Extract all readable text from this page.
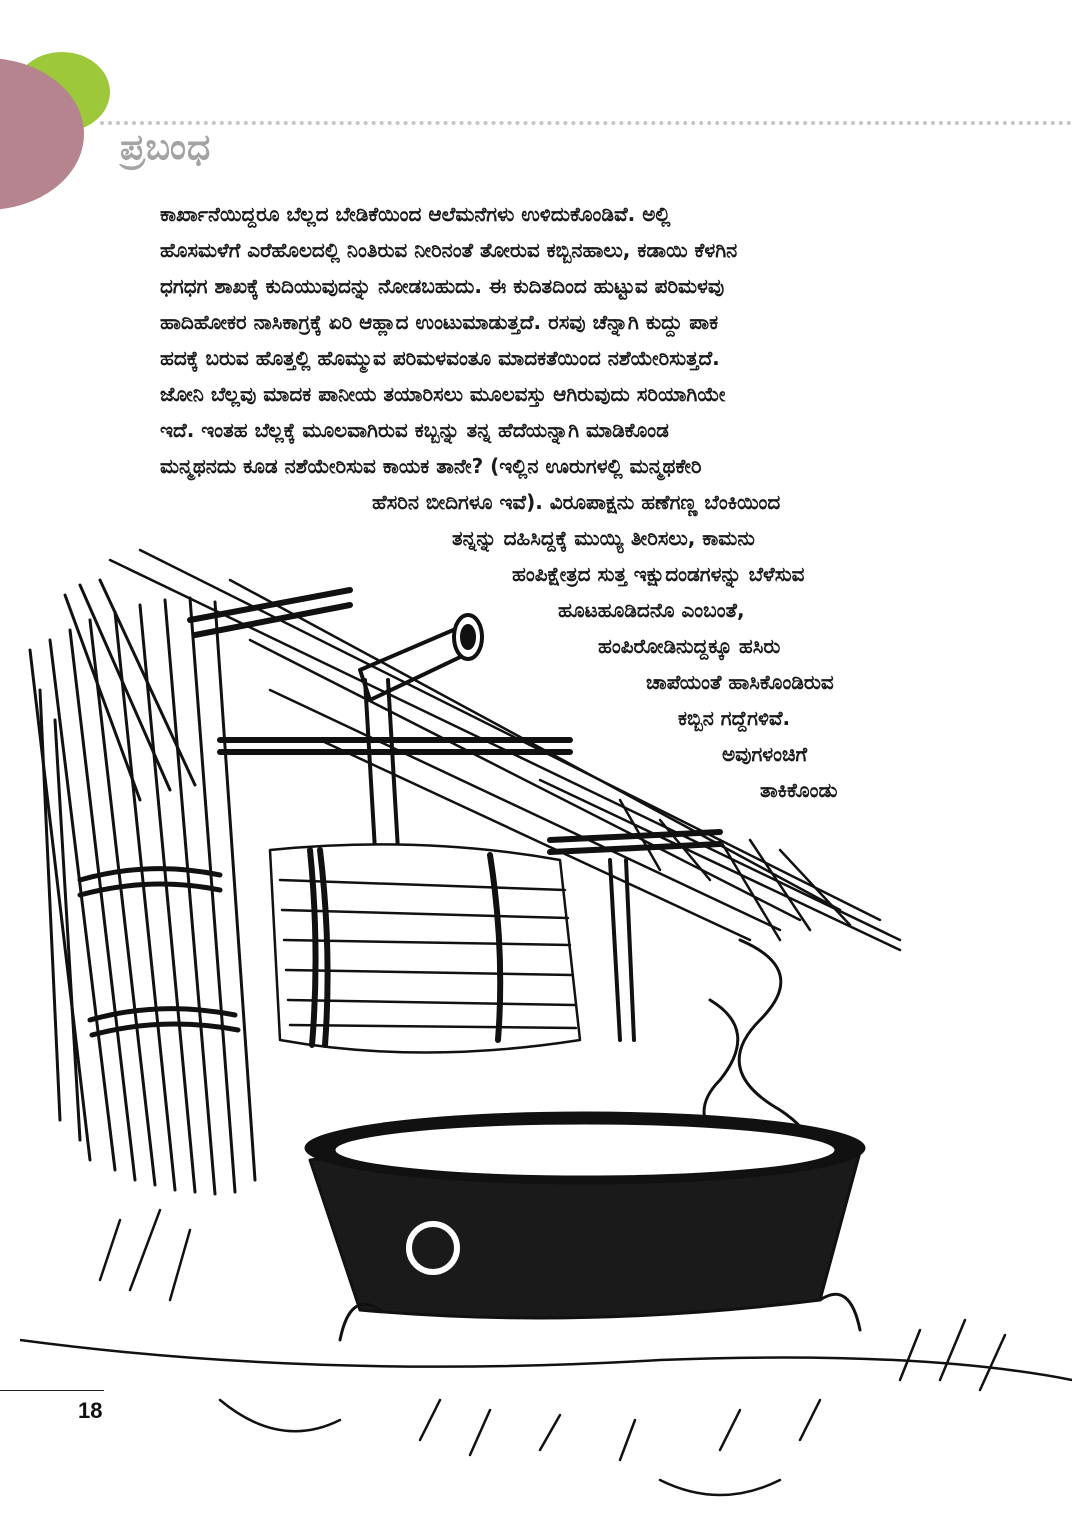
ಪ್ರಬಂಧ
ಕಾರ್ಖಾನೆಯಿದ್ದರೂ ಬೆಲ್ಲದ ಬೇಡಿಕೆಯಿಂದ ಆಲೆಮನೆಗಳು ಉಳಿದುಕೊಂಡಿವೆ. ಅಲ್ಲಿ
ಹೊಸಮಳೆಗೆ ಎರೆಹೊಲದಲ್ಲಿ ನಿಂತಿರುವ ನೀರಿನಂತೆ ತೋರುವ ಕಬ್ಬಿನಹಾಲು, ಕಡಾಯಿ ಕೆಳಗಿನ
ಧಗಧಗ ಶಾಖಕ್ಕೆ ಕುದಿಯುವುದನ್ನು ನೋಡಬಹುದು. ಈ ಕುದಿತದಿಂದ ಹುಟ್ಟುವ ಪರಿಮಳವು
ಹಾದಿಹೋಕರ ನಾಸಿಕಾಗ್ರಕ್ಕೆ ಏರಿ ಆಹ್ಲಾದ ಉಂಟುಮಾಡುತ್ತದೆ. ರಸವು ಚೆನ್ನಾಗಿ ಕುದ್ದು ಪಾಕ
ಹದಕ್ಕೆ ಬರುವ ಹೊತ್ತಲ್ಲಿ ಹೊಮ್ಮುವ ಪರಿಮಳವಂತೂ ಮಾದಕತೆಯಿಂದ ನಶೆಯೇರಿಸುತ್ತದೆ.
ಜೋನಿ ಬೆಲ್ಲವು ಮಾದಕ ಪಾನೀಯ ತಯಾರಿಸಲು ಮೂಲವಸ್ತು ಆಗಿರುವುದು ಸರಿಯಾಗಿಯೇ
ಇದೆ. ಇಂತಹ ಬೆಲ್ಲಕ್ಕೆ ಮೂಲವಾಗಿರುವ ಕಬ್ಬನ್ನು ತನ್ನ ಹೆದೆಯನ್ನಾಗಿ ಮಾಡಿಕೊಂಡ
ಮನ್ಮಥನದು ಕೂಡ ನಶೆಯೇರಿಸುವ ಕಾಯಕ ತಾನೇ? (ಇಲ್ಲಿನ ಊರುಗಳಲ್ಲಿ ಮನ್ಮಥಕೇರಿ
ಹೆಸರಿನ ಬೀದಿಗಳೂ ಇವೆ). ವಿರೂಪಾಕ್ಷನು ಹಣೆಗಣ್ಣ ಬೆಂಕಿಯಿಂದ
ತನ್ನನ್ನು ದಹಿಸಿದ್ದಕ್ಕೆ ಮುಯ್ಯಿ ತೀರಿಸಲು, ಕಾಮನು
ಹಂಪಿಕ್ಷೇತ್ರದ ಸುತ್ತ ಇಕ್ಷುದಂಡಗಳನ್ನು ಬೆಳೆಸುವ
ಹೂಟಹೂಡಿದನೊ ಎಂಬಂತೆ,
ಹಂಪಿರೋಡಿನುದ್ದಕ್ಕೂ ಹಸಿರು
ಚಾಪೆಯಂತೆ ಹಾಸಿಕೊಂಡಿರುವ
ಕಬ್ಬಿನ ಗದ್ದೆಗಳಿವೆ.
ಅವುಗಳಂಚಿಗೆ
ತಾಕಿಕೊಂಡು
18
